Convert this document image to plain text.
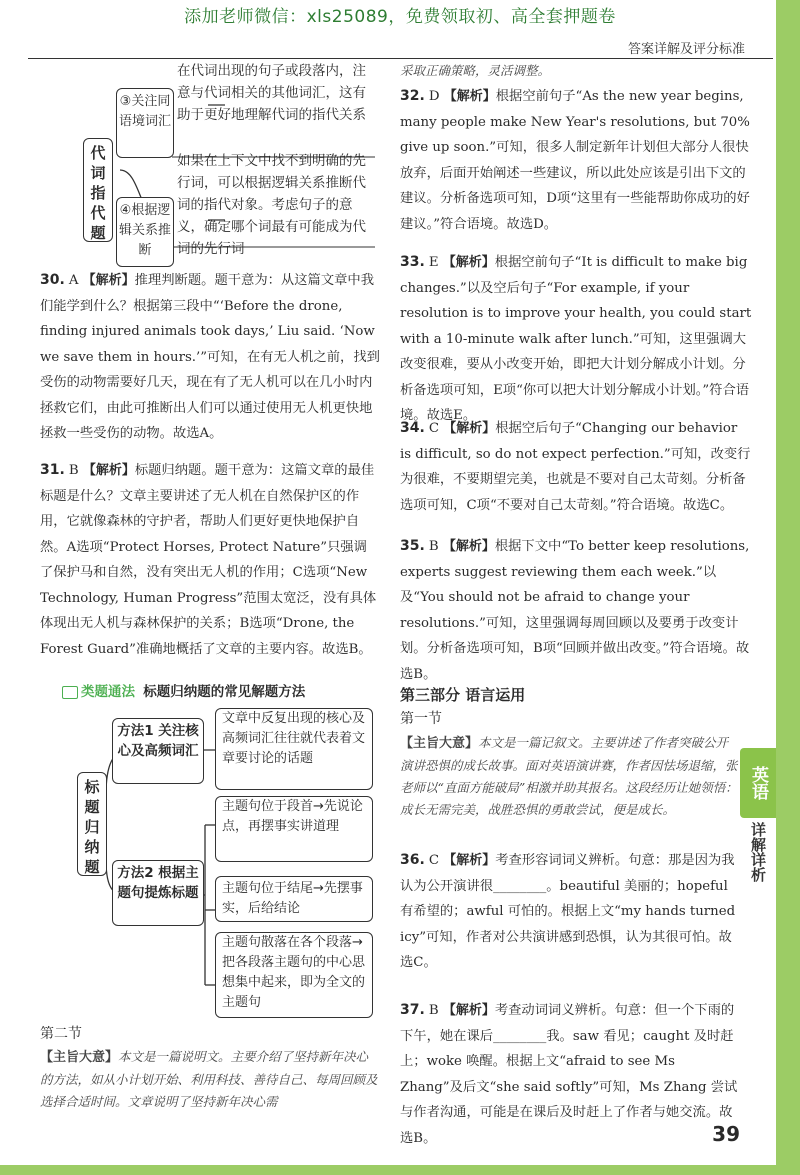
添加老师微信：xls25089，免费领取初、高全套押题卷
答案详解及评分标准
英语
详解详析
39
代词指代题
③关注同语境词汇
④根据逻辑关系推断
在代词出现的句子或段落内，注意与代词相关的其他词汇，这有助于更好地理解代词的指代关系
如果在上下文中找不到明确的先行词，可以根据逻辑关系推断代词的指代对象。考虑句子的意义，确定哪个词最有可能成为代词的先行词
30. A 【解析】推理判断题。题干意为：从这篇文章中我们能学到什么？根据第三段中“‘Before the drone, finding injured animals took days,’ Liu said. ‘Now we save them in hours.’”可知，在有无人机之前，找到受伤的动物需要好几天，现在有了无人机可以在几小时内拯救它们，由此可推断出人们可以通过使用无人机更快地拯救一些受伤的动物。故选A。
31. B 【解析】标题归纳题。题干意为：这篇文章的最佳标题是什么？文章主要讲述了无人机在自然保护区的作用，它就像森林的守护者，帮助人们更好更快地保护自然。A选项“Protect Horses, Protect Nature”只强调了保护马和自然，没有突出无人机的作用；C选项“New Technology, Human Progress”范围太宽泛，没有具体体现出无人机与森林保护的关系；B选项“Drone, the Forest Guard”准确地概括了文章的主要内容。故选B。
类题通法 标题归纳题的常见解题方法
标题归纳题
方法1 关注核心及高频词汇
文章中反复出现的核心及高频词汇往往就代表着文章要讨论的话题
方法2 根据主题句提炼标题
主题句位于段首→先说论点，再摆事实讲道理
主题句位于结尾→先摆事实，后给结论
主题句散落在各个段落→把各段落主题句的中心思想集中起来，即为全文的主题句
第二节
【主旨大意】本文是一篇说明文。主要介绍了坚持新年决心的方法，如从小计划开始、利用科技、善待自己、每周回顾及选择合适时间。文章说明了坚持新年决心需
采取正确策略，灵活调整。
32. D 【解析】根据空前句子“As the new year begins, many people make New Year's resolutions, but 70% give up soon.”可知，很多人制定新年计划但大部分人很快放弃，后面开始阐述一些建议，所以此处应该是引出下文的建议。分析备选项可知，D项“这里有一些能帮助你成功的好建议。”符合语境。故选D。
33. E 【解析】根据空前句子“It is difficult to make big changes.”以及空后句子“For example, if your resolution is to improve your health, you could start with a 10-minute walk after lunch.”可知，这里强调大改变很难，要从小改变开始，即把大计划分解成小计划。分析备选项可知，E项“你可以把大计划分解成小计划。”符合语境。故选E。
34. C 【解析】根据空后句子“Changing our behavior is difficult, so do not expect perfection.”可知，改变行为很难，不要期望完美，也就是不要对自己太苛刻。分析备选项可知，C项“不要对自己太苛刻。”符合语境。故选C。
35. B 【解析】根据下文中“To better keep resolutions, experts suggest reviewing them each week.”以及“You should not be afraid to change your resolutions.”可知，这里强调每周回顾以及要勇于改变计划。分析备选项可知，B项“回顾并做出改变。”符合语境。故选B。
第三部分 语言运用
第一节
【主旨大意】本文是一篇记叙文。主要讲述了作者突破公开演讲恐惧的成长故事。面对英语演讲赛，作者因怯场退缩，张老师以“直面方能破局”相激并助其报名。这段经历让她领悟：成长无需完美，战胜恐惧的勇敢尝试，便是成长。
36. C 【解析】考查形容词词义辨析。句意：那是因为我认为公开演讲很________。beautiful 美丽的；hopeful 有希望的；awful 可怕的。根据上文“my hands turned icy”可知，作者对公共演讲感到恐惧，认为其很可怕。故选C。
37. B 【解析】考查动词词义辨析。句意：但一个下雨的下午，她在课后________我。saw 看见；caught 及时赶上；woke 唤醒。根据上文“afraid to see Ms Zhang”及后文“she said softly”可知，Ms Zhang 尝试与作者沟通，可能是在课后及时赶上了作者与她交流。故选B。
